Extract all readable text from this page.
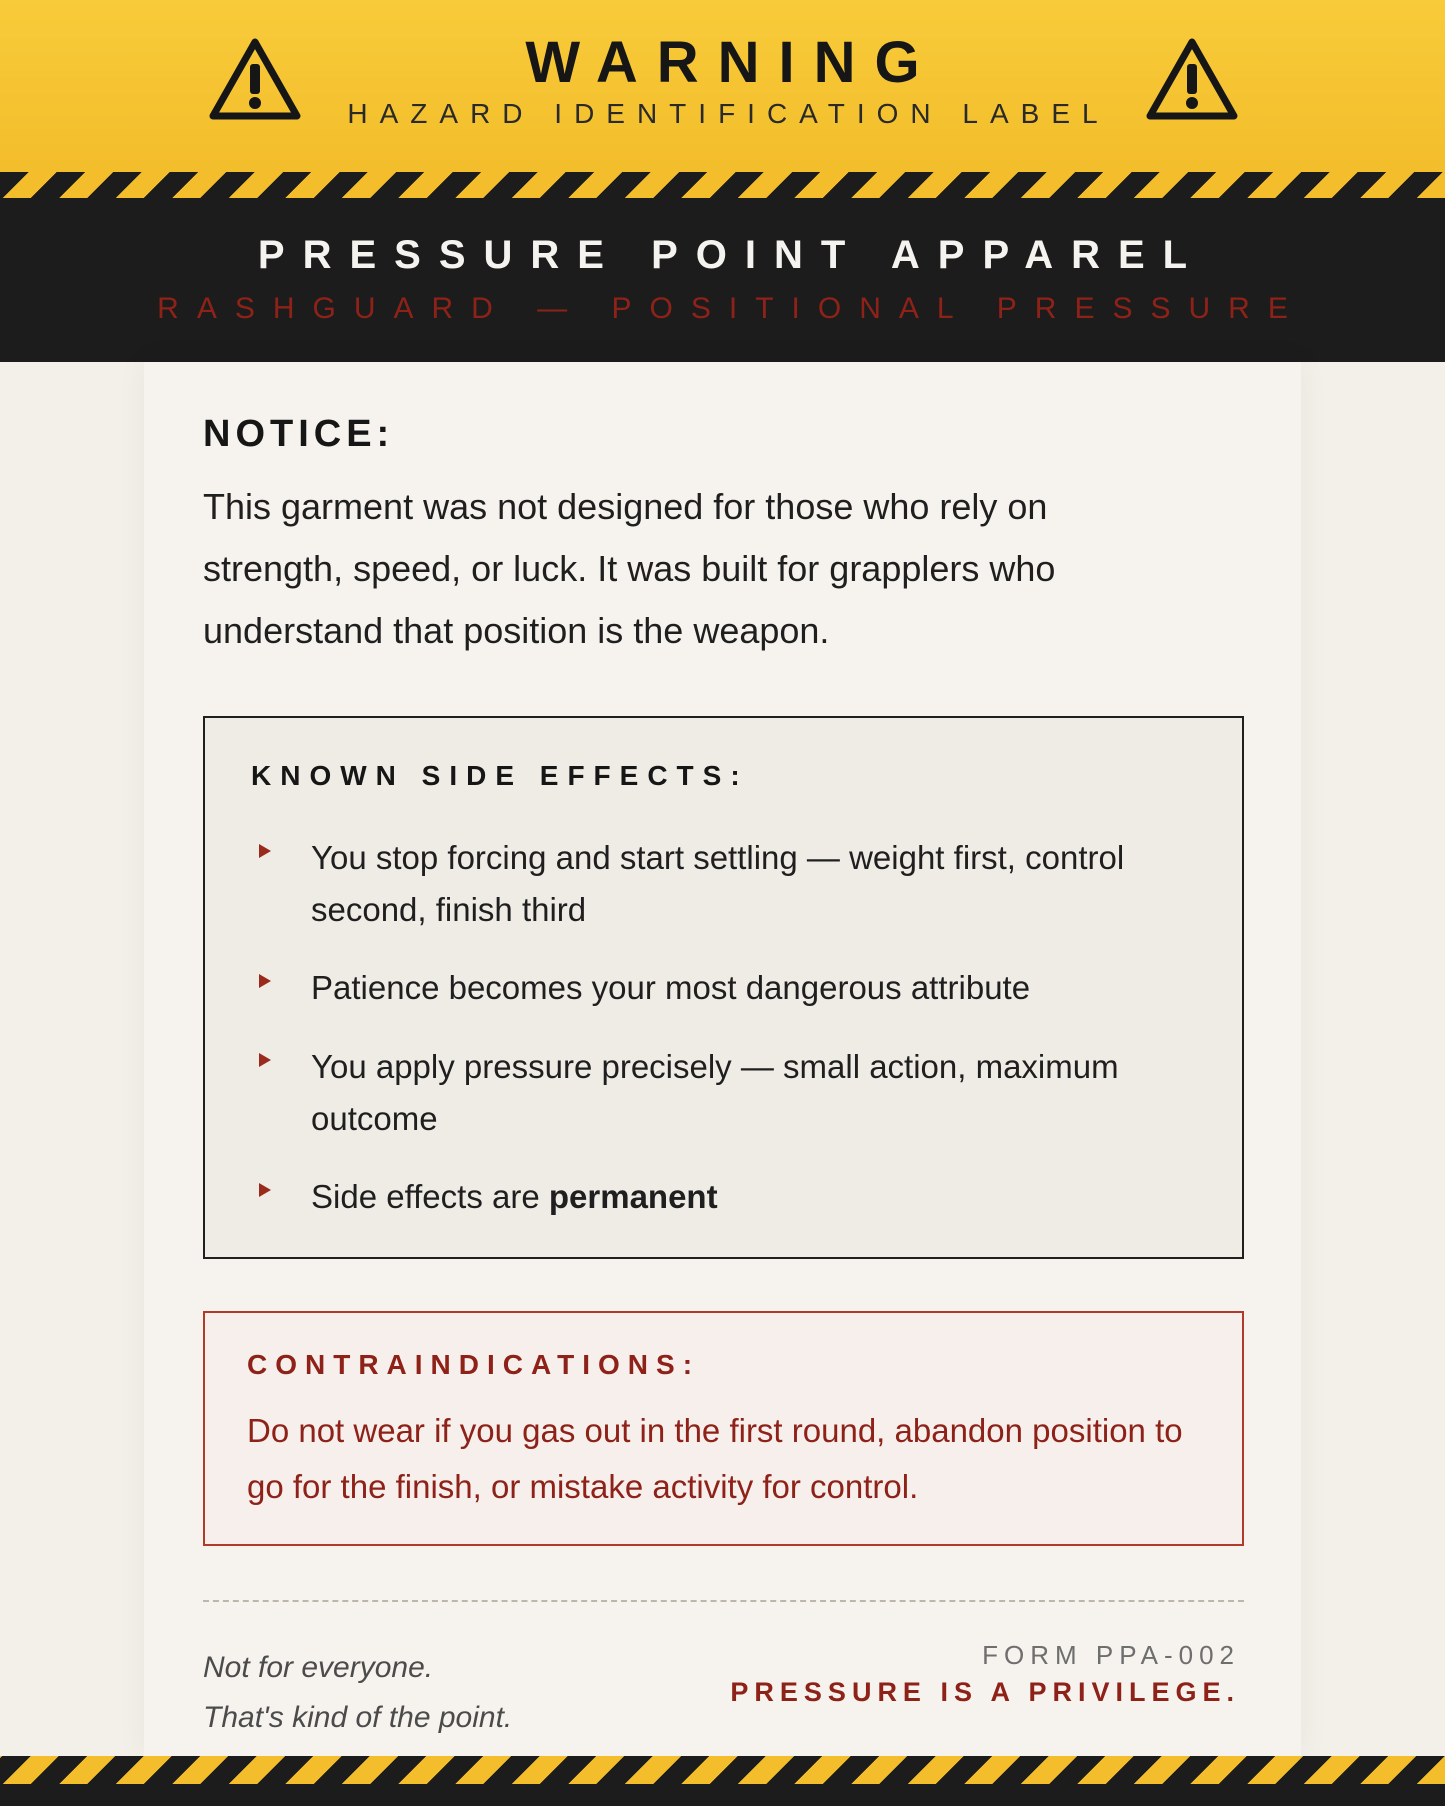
WARNING
HAZARD IDENTIFICATION LABEL
PRESSURE POINT APPAREL
RASHGUARD — POSITIONAL PRESSURE
NOTICE:
This garment was not designed for those who rely on strength, speed, or luck. It was built for grapplers who understand that position is the weapon.
KNOWN SIDE EFFECTS:
You stop forcing and start settling — weight first, control second, finish third
Patience becomes your most dangerous attribute
You apply pressure precisely — small action, maximum outcome
Side effects are permanent
CONTRAINDICATIONS:
Do not wear if you gas out in the first round, abandon position to go for the finish, or mistake activity for control.
Not for everyone.
That's kind of the point.
FORM PPA-002
PRESSURE IS A PRIVILEGE.
